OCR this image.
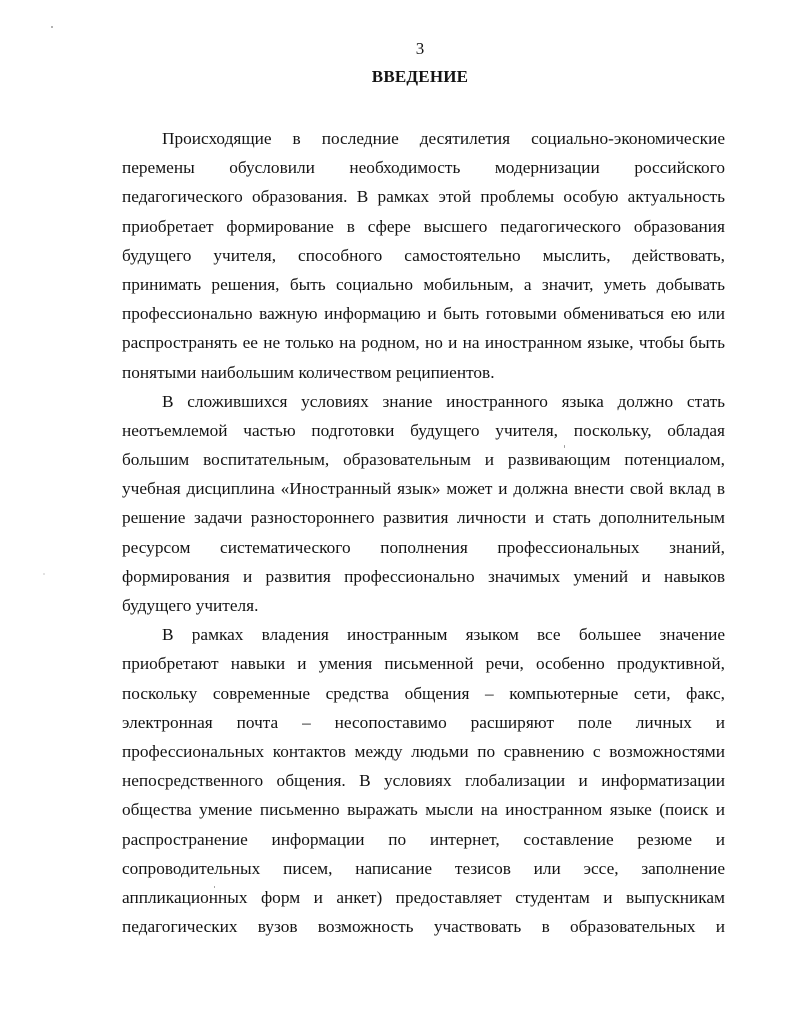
3
ВВЕДЕНИЕ

Происходящие в последние десятилетия социально-экономические
перемены обусловили необходимость модернизации российского
педагогического образования. В рамках этой проблемы особую актуальность
приобретает формирование в сфере высшего педагогического образования
будущего учителя, способного самостоятельно мыслить, действовать,
принимать решения, быть социально мобильным, а значит, уметь добывать
профессионально важную информацию и быть готовыми обмениваться ею или
распространять ее не только на родном, но и на иностранном языке, чтобы быть
понятыми наибольшим количеством реципиентов.

В сложившихся условиях знание иностранного языка должно стать
неотъемлемой частью подготовки будущего учителя, поскольку, обладая
большим воспитательным, образовательным и развивающим потенциалом,
учебная дисциплина «Иностранный язык» может и должна внести свой вклад в
решение задачи разностороннего развития личности и стать дополнительным
ресурсом систематического пополнения профессиональных знаний,
формирования и развития профессионально значимых умений и навыков
будущего учителя.

В рамках владения иностранным языком все большее значение
приобретают навыки и умения письменной речи, особенно продуктивной,
поскольку современные средства общения – компьютерные сети, факс,
электронная почта – несопоставимо расширяют поле личных и
профессиональных контактов между людьми по сравнению с возможностями
непосредственного общения. В условиях глобализации и информатизации
общества умение письменно выражать мысли на иностранном языке (поиск и
распространение информации по интернет, составление резюме и
сопроводительных писем, написание тезисов или эссе, заполнение
аппликационных форм и анкет) предоставляет студентам и выпускникам
педагогических вузов возможность участвовать в образовательных и
